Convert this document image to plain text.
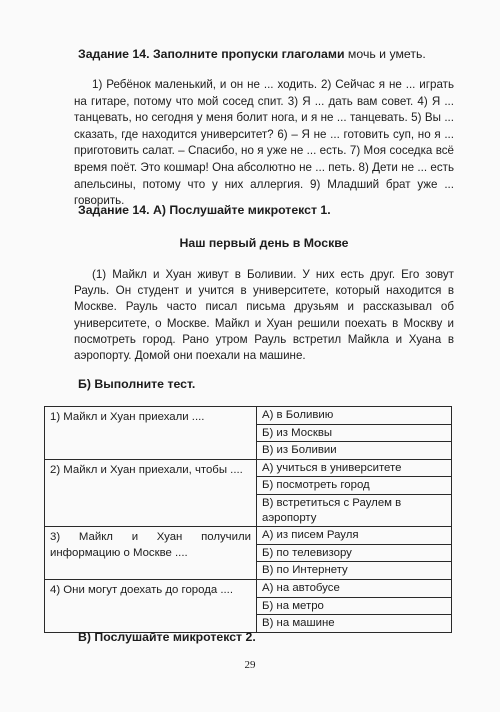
Задание 14. Заполните пропуски глаголами мочь и уметь.

1) Ребёнок маленький, и он не ... ходить. 2) Сейчас я не ... играть на гитаре, потому что мой сосед спит. 3) Я ... дать вам совет. 4) Я ... танцевать, но сегодня у меня болит нога, и я не ... танцевать. 5) Вы ... сказать, где находится университет? 6) – Я не ... готовить суп, но я ... приготовить салат. – Спасибо, но я уже не ... есть. 7) Моя соседка всё время поёт. Это кошмар! Она абсолютно не ... петь. 8) Дети не ... есть апельсины, потому что у них аллергия. 9) Младший брат уже ... говорить.

Задание 14. А) Послушайте микротекст 1.

Наш первый день в Москве

(1) Майкл и Хуан живут в Боливии. У них есть друг. Его зовут Рауль. Он студент и учится в университете, который находится в Москве. Рауль часто писал письма друзьям и рассказывал об университете, о Москве. Майкл и Хуан решили поехать в Москву и посмотреть город. Рано утром Рауль встретил Майкла и Хуана в аэропорту. Домой они поехали на машине.

Б) Выполните тест.

1) Майкл и Хуан приехали ....	А) в Боливию
Б) из Москвы
В) из Боливии

2) Майкл и Хуан приехали, чтобы ....	А) учиться в университете
Б) посмотреть город
В) встретиться с Раулем в аэропорту

3) Майкл и Хуан получили информацию о Москве ....	А) из писем Рауля
Б) по телевизору
В) по Интернету

4) Они могут доехать до города ....	А) на автобусе
Б) на метро
В) на машине

В) Послушайте микротекст 2.

29
